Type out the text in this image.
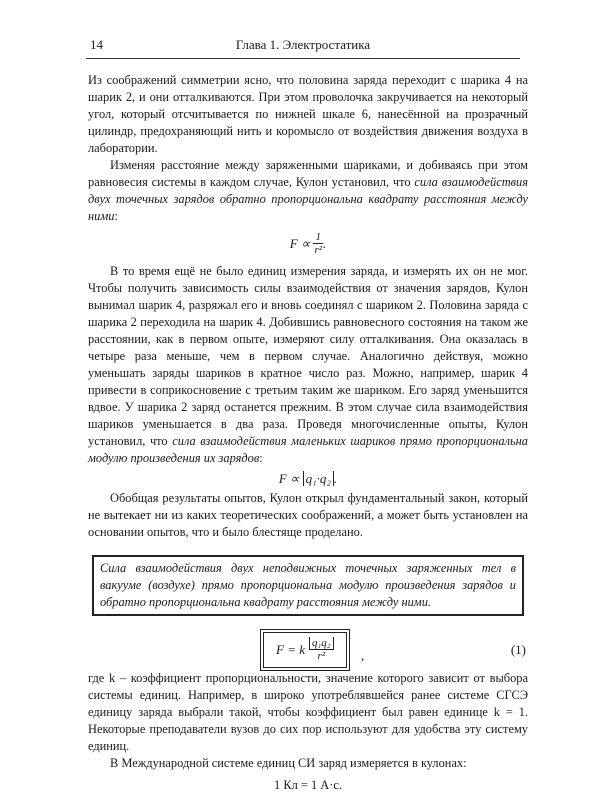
14	Глава 1. Электростатика

Из соображений симметрии ясно, что половина заряда переходит с шарика 4 на шарик 2, и они отталкиваются. При этом проволочка закручивается на некоторый угол, который отсчитывается по нижней шкале 6, нанесённой на прозрачный цилиндр, предохраняющий нить и коромысло от воздействия движения воздуха в лаборатории.

Изменяя расстояние между заряженными шариками, и добиваясь при этом равновесия системы в каждом случае, Кулон установил, что сила взаимодействия двух точечных зарядов обратно пропорциональна квадрату расстояния между ними:

F ∝
$\frac{1}{\text{r²}}$ .

В то время ещё не было единиц измерения заряда, и измерять их он не мог. Чтобы получить зависимость силы взаимодействия от значения зарядов, Кулон вынимал шарик 4, разряжал его и вновь соединял с шариком 2. Половина заряда с шарика 2 переходила на шарик 4. Добившись равновесного состояния на таком же расстоянии, как в первом опыте, измеряют силу отталкивания. Она оказалась в четыре раза меньше, чем в первом случае. Аналогично действуя, можно уменьшать заряды шариков в кратное число раз. Можно, например, шарик 4 привести в соприкосновение с третьим таким же шариком. Его заряд уменьшится вдвое. У шарика 2 заряд останется прежним. В этом случае сила взаимодействия шариков уменьшается в два раза. Проведя многочисленные опыты, Кулон установил, что сила взаимодействия маленьких шариков прямо пропорциональна модулю произведения их зарядов:

F ∝ q₁·q₂ .

Обобщая результаты опытов, Кулон открыл фундаментальный закон, который не вытекает ни из каких теоретических соображений, а может быть установлен на основании опытов, что и было блестяще проделано.

Сила взаимодействия двух неподвижных точечных заряженных тел в вакууме (воздухе) прямо пропорциональна модулю произведения зарядов и обратно пропорциональна квадрату расстояния между ними.

F = k $\frac{\text{q₁q₂}}{\text{r²}}$ ,	(1)

где k – коэффициент пропорциональности, значение которого зависит от выбора системы единиц. Например, в широко употреблявшейся ранее системе СГСЭ единицу заряда выбрали такой, чтобы коэффициент был равен единице k = 1. Некоторые преподаватели вузов до сих пор используют для удобства эту систему единиц.

В Международной системе единиц СИ заряд измеряется в кулонах:

1 Кл = 1 А·с.
